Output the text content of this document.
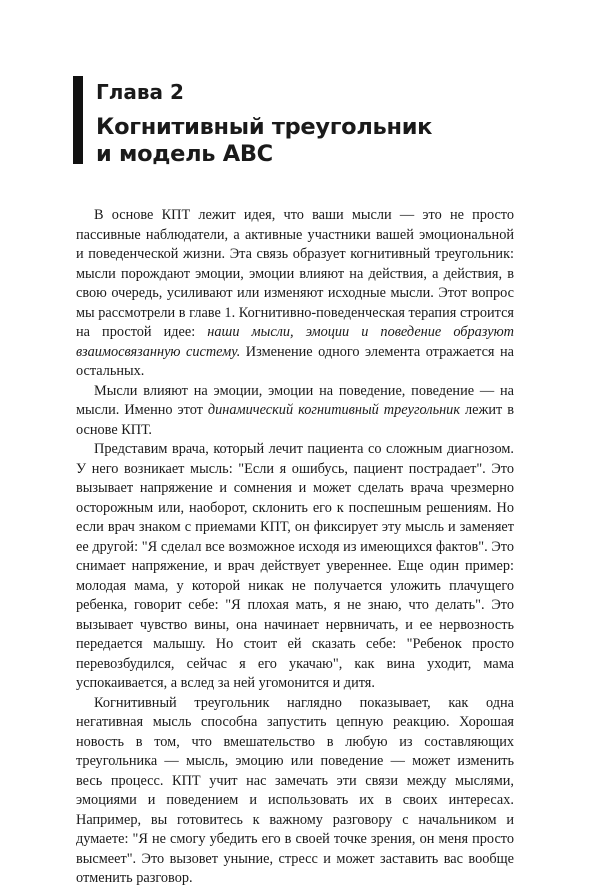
Глава 2
Когнитивный треугольник
и модель АВС

В основе КПТ лежит идея, что ваши мысли — это не просто пассивные наблюдатели, а активные участники вашей эмоциональной и поведенческой жизни. Эта связь образует когнитивный треугольник: мысли порождают эмоции, эмоции влияют на действия, а действия, в свою очередь, усиливают или изменяют исходные мысли. Этот вопрос мы рассмотрели в главе 1. Когнитивно-поведенческая терапия строится на простой идее: наши мысли, эмоции и поведение образуют взаимосвязанную систему. Изменение одного элемента отражается на остальных.

Мысли влияют на эмоции, эмоции на поведение, поведение — на мысли. Именно этот динамический когнитивный треугольник лежит в основе КПТ.

Представим врача, который лечит пациента со сложным диагнозом. У него возникает мысль: "Если я ошибусь, пациент пострадает". Это вызывает напряжение и сомнения и может сделать врача чрезмерно осторожным или, наоборот, склонить его к поспешным решениям. Но если врач знаком с приемами КПТ, он фиксирует эту мысль и заменяет ее другой: "Я сделал все возможное исходя из имеющихся фактов". Это снимает напряжение, и врач действует увереннее. Еще один пример: молодая мама, у которой никак не получается уложить плачущего ребенка, говорит себе: "Я плохая мать, я не знаю, что делать". Это вызывает чувство вины, она начинает нервничать, и ее нервозность передается малышу. Но стоит ей сказать себе: "Ребенок просто перевозбудился, сейчас я его укачаю", как вина уходит, мама успокаивается, а вслед за ней угомонится и дитя.

Когнитивный треугольник наглядно показывает, как одна негативная мысль способна запустить цепную реакцию. Хорошая новость в том, что вмешательство в любую из составляющих треугольника — мысль, эмоцию или поведение — может изменить весь процесс. КПТ учит нас замечать эти связи между мыслями, эмоциями и поведением и использовать их в своих интересах. Например, вы готовитесь к важному разговору с начальником и думаете: "Я не смогу убедить его в своей точке зрения, он меня просто высмеет". Это вызовет уныние, стресс и может заставить вас вообще отменить разговор.
